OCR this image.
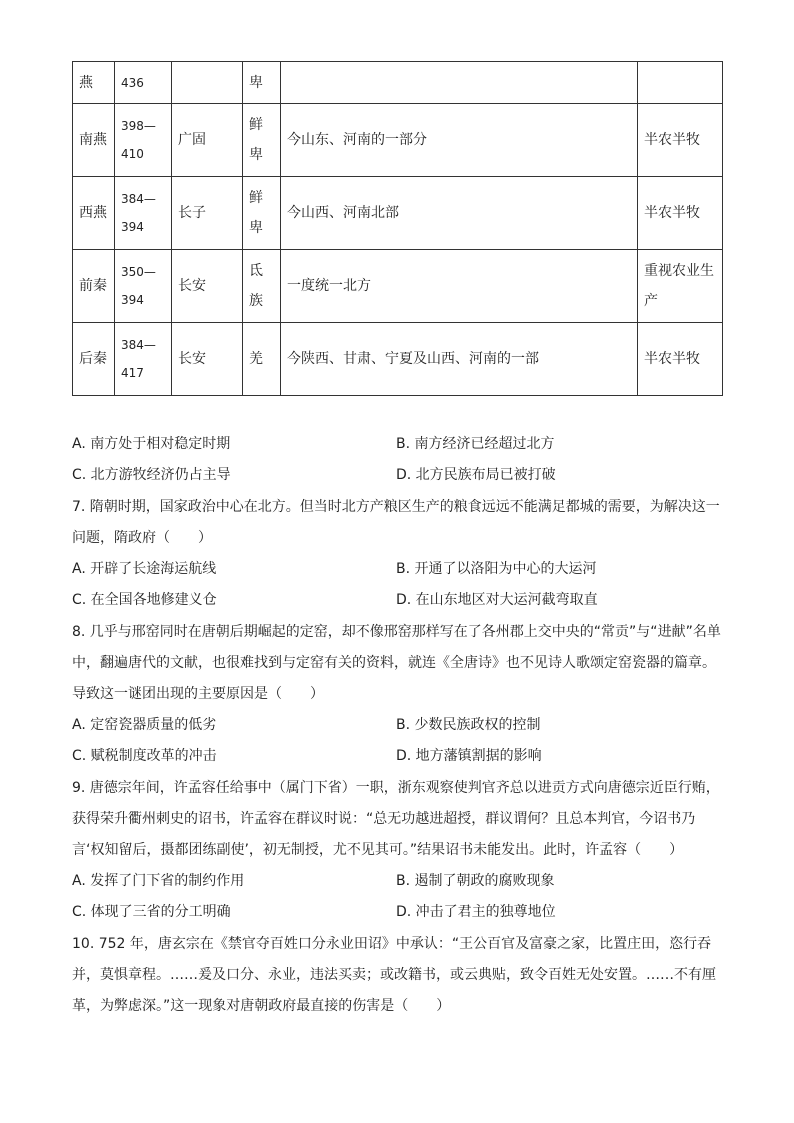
燕	436		卑		
南燕	398—410	广固	鲜卑	今山东、河南的一部分	半农半牧
西燕	384—394	长子	鲜卑	今山西、河南北部	半农半牧
前秦	350—394	长安	氐族	一度统一北方	重视农业生产
后秦	384—417	长安	羌	今陕西、甘肃、宁夏及山西、河南的一部	半农半牧
A. 南方处于相对稳定时期	B. 南方经济已经超过北方
C. 北方游牧经济仍占主导	D. 北方民族布局已被打破
7. 隋朝时期，国家政治中心在北方。但当时北方产粮区生产的粮食远远不能满足都城的需要，为解决这一问题，隋政府（　　）
A. 开辟了长途海运航线	B. 开通了以洛阳为中心的大运河
C. 在全国各地修建义仓	D. 在山东地区对大运河截弯取直
8. 几乎与邢窑同时在唐朝后期崛起的定窑，却不像邢窑那样写在了各州郡上交中央的“常贡”与“进献”名单中，翻遍唐代的文献，也很难找到与定窑有关的资料，就连《全唐诗》也不见诗人歌颂定窑瓷器的篇章。导致这一谜团出现的主要原因是（　　）
A. 定窑瓷器质量的低劣	B. 少数民族政权的控制
C. 赋税制度改革的冲击	D. 地方藩镇割据的影响
9. 唐德宗年间，许孟容任给事中（属门下省）一职，浙东观察使判官齐总以进贡方式向唐德宗近臣行贿，获得荣升衢州刺史的诏书，许孟容在群议时说：“总无功越进超授，群议谓何？且总本判官，今诏书乃言‘权知留后，摄都团练副使’，初无制授，尤不见其可。”结果诏书未能发出。此时，许孟容（　　）
A. 发挥了门下省的制约作用	B. 遏制了朝政的腐败现象
C. 体现了三省的分工明确	D. 冲击了君主的独尊地位
10. 752 年，唐玄宗在《禁官夺百姓口分永业田诏》中承认：“王公百官及富豪之家，比置庄田，恣行吞并，莫惧章程。……爰及口分、永业，违法买卖；或改籍书，或云典贴，致令百姓无处安置。……不有厘革，为弊虑深。”这一现象对唐朝政府最直接的伤害是（　　）
